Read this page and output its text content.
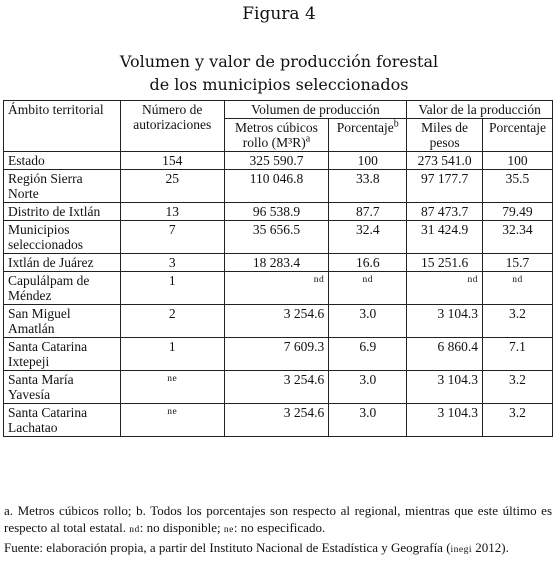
Figura 4
Volumen y valor de producción forestal
de los municipios seleccionados
Ámbito territorial	Número de autorizaciones	Volumen de producción		Valor de la producción	
		Metros cúbicos rollo $(M^3R)^a$	Porcentaje$^b$	Miles de pesos	Porcentaje
Estado	154	325 590.7	100	273 541.0	100
Región Sierra Norte	25	110 046.8	33.8	97 177.7	35.5
Distrito de Ixtlán	13	96 538.9	87.7	87 473.7	79.49
Municipios seleccionados	7	35 656.5	32.4	31 424.9	32.34
Ixtlán de Juárez	3	18 283.4	16.6	15 251.6	15.7
Capulálpam de Méndez	1	nd	nd	nd	nd
San Miguel Amatlán	2	3 254.6	3.0	3 104.3	3.2
Santa Catarina Ixtepeji	1	7 609.3	6.9	6 860.4	7.1
Santa María Yavesía	ne	3 254.6	3.0	3 104.3	3.2
Santa Catarina Lachatao	ne	3 254.6	3.0	3 104.3	3.2

a. Metros cúbicos rollo; b. Todos los porcentajes son respecto al regional, mientras que este último es respecto al total estatal. nd: no disponible; ne: no especificado.

Fuente: elaboración propia, a partir del Instituto Nacional de Estadística y Geografía (inegi 2012).
